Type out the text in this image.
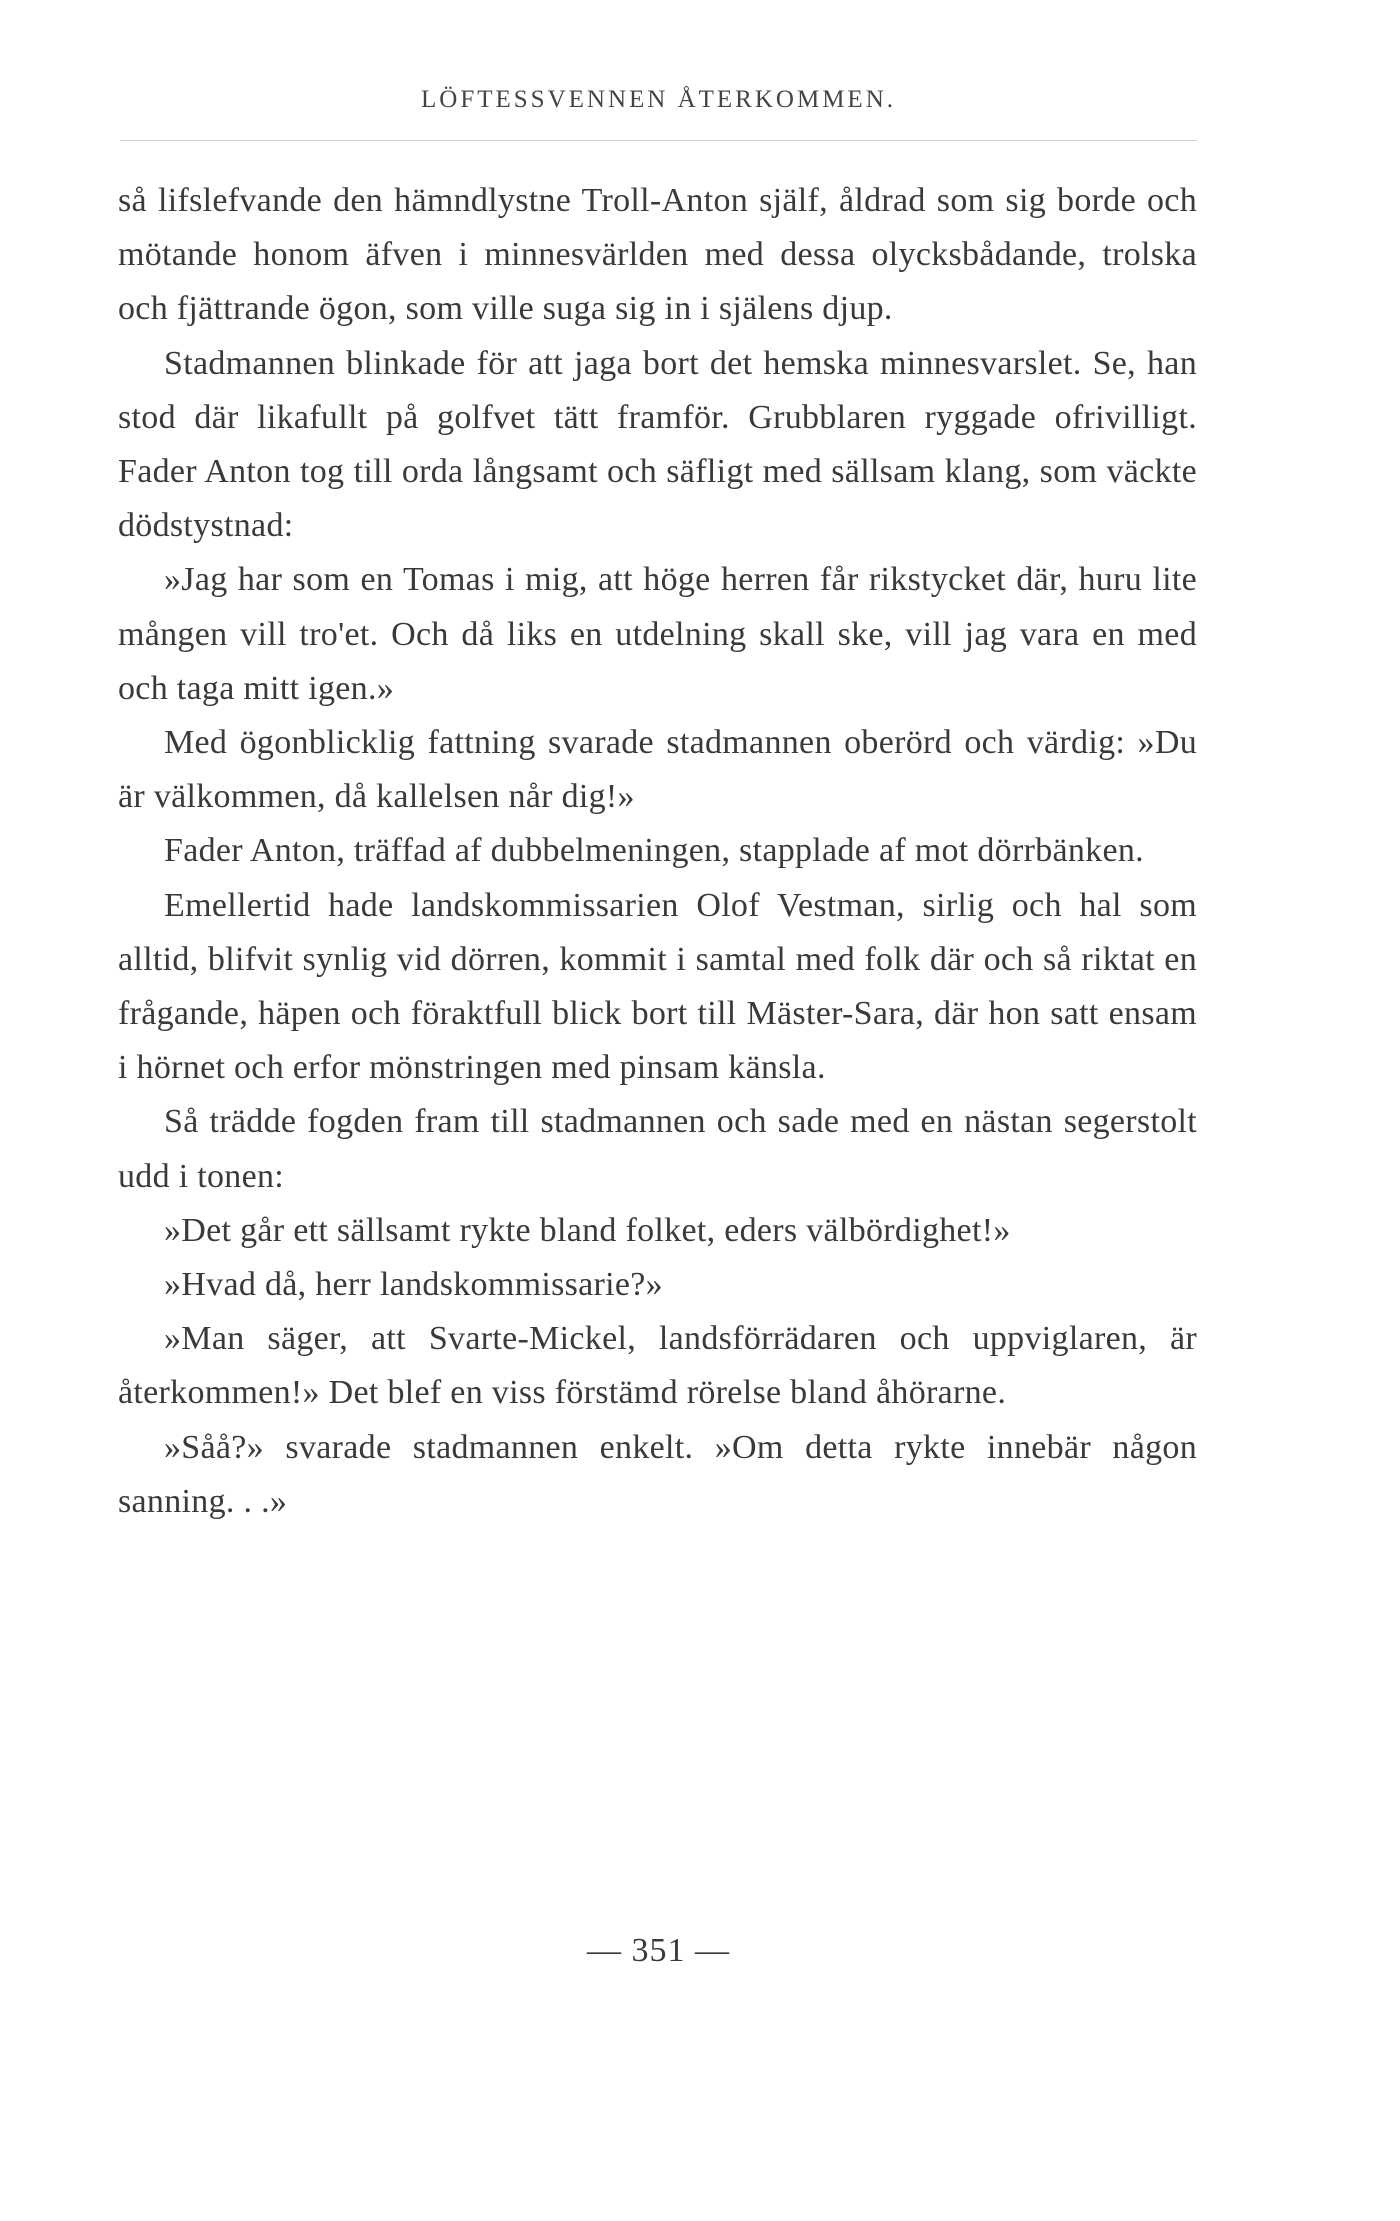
LÖFTESSVENNEN ÅTERKOMMEN.

så lifslefvande den hämndlystne Troll-Anton själf, åldrad som sig borde och mötande honom äfven i minnesvärlden med dessa olycksbådande, trolska och fjättrande ögon, som ville suga sig in i själens djup.

Stadmannen blinkade för att jaga bort det hemska minnesvarslet. Se, han stod där likafullt på golfvet tätt framför. Grubblaren ryggade ofrivilligt. Fader Anton tog till orda långsamt och säfligt med sällsam klang, som väckte dödstystnad:

»Jag har som en Tomas i mig, att höge herren får rikstycket där, huru lite mången vill tro'et. Och då liks en utdelning skall ske, vill jag vara en med och taga mitt igen.»

Med ögonblicklig fattning svarade stadmannen oberörd och värdig: »Du är välkommen, då kallelsen når dig!»

Fader Anton, träffad af dubbelmeningen, stapplade af mot dörrbänken.

Emellertid hade landskommissarien Olof Vestman, sirlig och hal som alltid, blifvit synlig vid dörren, kommit i samtal med folk där och så riktat en frågande, häpen och föraktfull blick bort till Mäster-Sara, där hon satt ensam i hörnet och erfor mönstringen med pinsam känsla.

Så trädde fogden fram till stadmannen och sade med en nästan segerstolt udd i tonen:

»Det går ett sällsamt rykte bland folket, eders välbördighet!»

»Hvad då, herr landskommissarie?»

»Man säger, att Svarte-Mickel, landsförrädaren och uppviglaren, är återkommen!» Det blef en viss förstämd rörelse bland åhörarne.

»Såå?» svarade stadmannen enkelt. »Om detta rykte innebär någon sanning. . .»

— 351 —
